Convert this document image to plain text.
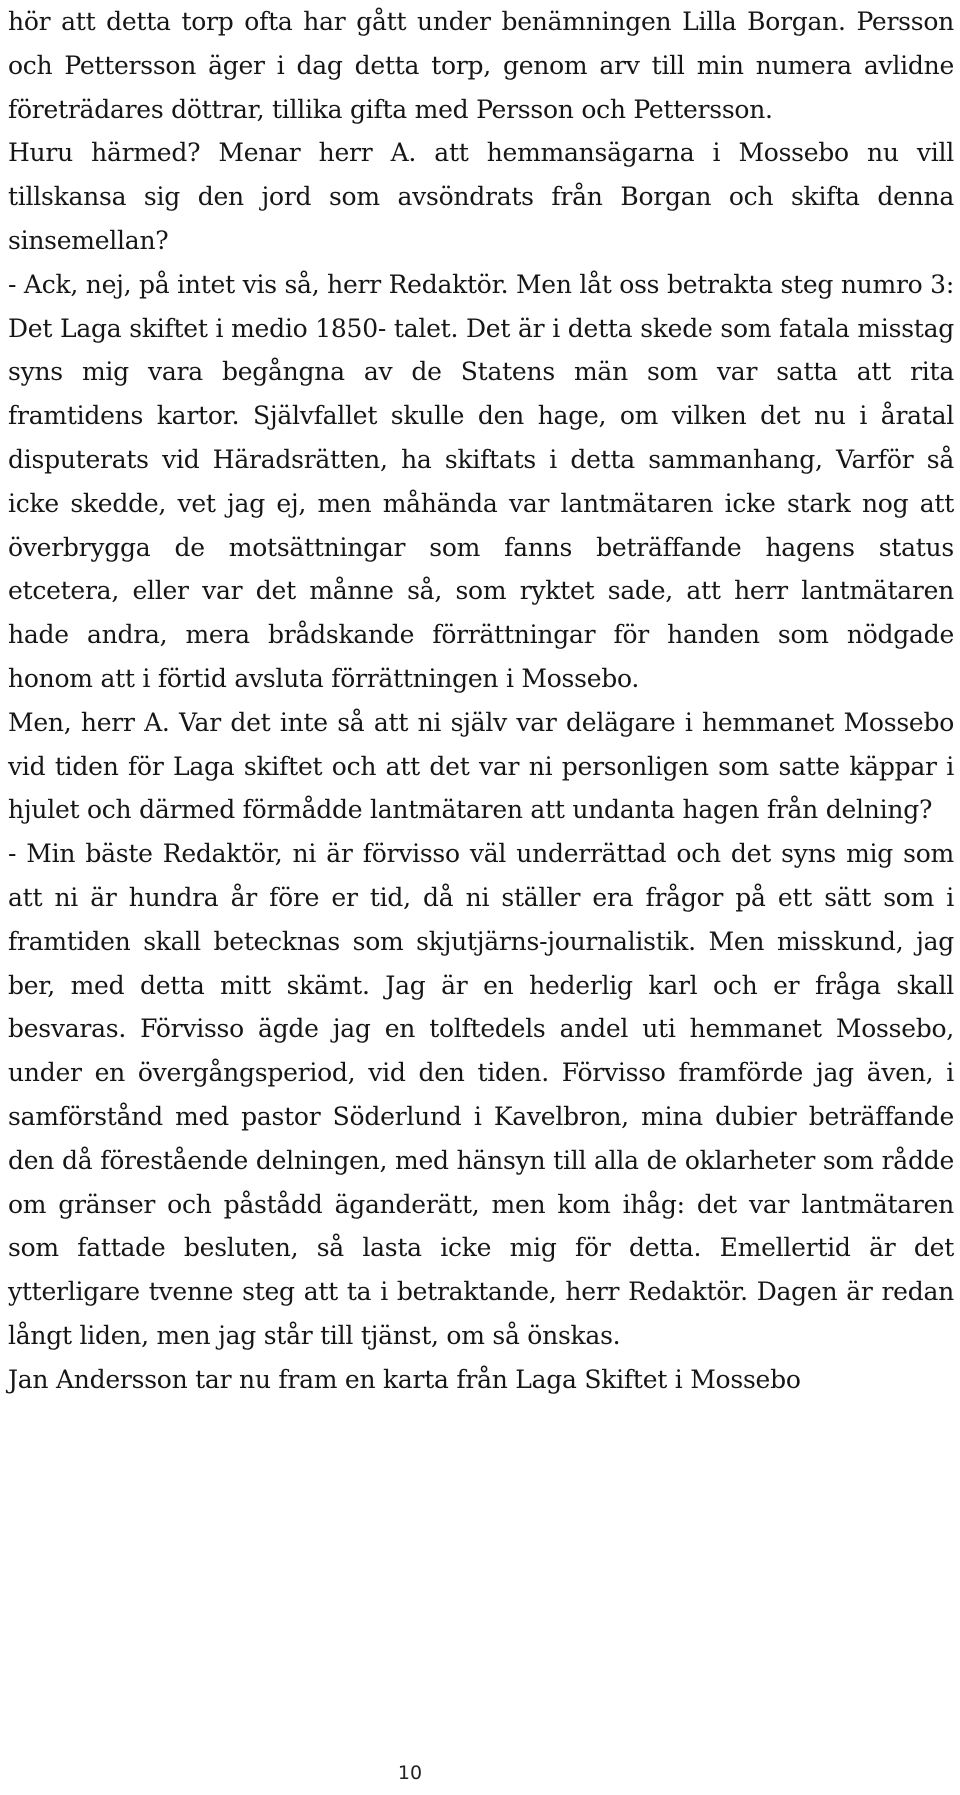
hör att detta torp ofta har gått under benämningen Lilla Borgan. Persson och Pettersson äger i dag detta torp, genom arv till min numera avlidne företrädares döttrar, tillika gifta med Persson och Pettersson.

Huru härmed? Menar herr A. att hemmansägarna i Mossebo nu vill tillskansa sig den jord som avsöndrats från Borgan och skifta denna sinsemellan?

- Ack, nej, på intet vis så, herr Redaktör. Men låt oss betrakta steg numro 3: Det Laga skiftet i medio 1850- talet. Det är i detta skede som fatala misstag syns mig vara begångna av de Statens män som var satta att rita framtidens kartor. Självfallet skulle den hage, om vilken det nu i åratal disputerats vid Häradsrätten, ha skiftats i detta sammanhang, Varför så icke skedde, vet jag ej, men måhända var lantmätaren icke stark nog att överbrygga de motsättningar som fanns beträffande hagens status etcetera, eller var det månne så, som ryktet sade, att herr lantmätaren hade andra, mera brådskande förrättningar för handen som nödgade honom att i förtid avsluta förrättningen i Mossebo.

Men, herr A. Var det inte så att ni själv var delägare i hemmanet Mossebo vid tiden för Laga skiftet och att det var ni personligen som satte käppar i hjulet och därmed förmådde lantmätaren att undanta hagen från delning?

- Min bäste Redaktör, ni är förvisso väl underrättad och det syns mig som att ni är hundra år före er tid, då ni ställer era frågor på ett sätt som i framtiden skall betecknas som skjutjärns-journalistik. Men misskund, jag ber, med detta mitt skämt. Jag är en hederlig karl och er fråga skall besvaras. Förvisso ägde jag en tolftedels andel uti hemmanet Mossebo, under en övergångsperiod, vid den tiden. Förvisso framförde jag även, i samförstånd med pastor Söderlund i Kavelbron, mina dubier beträffande den då förestående delningen, med hänsyn till alla de oklarheter som rådde om gränser och påstådd äganderätt, men kom ihåg: det var lantmätaren som fattade besluten, så lasta icke mig för detta. Emellertid är det ytterligare tvenne steg att ta i betraktande, herr Redaktör. Dagen är redan långt liden, men jag står till tjänst, om så önskas.

Jan Andersson tar nu fram en karta från Laga Skiftet i Mossebo

10
